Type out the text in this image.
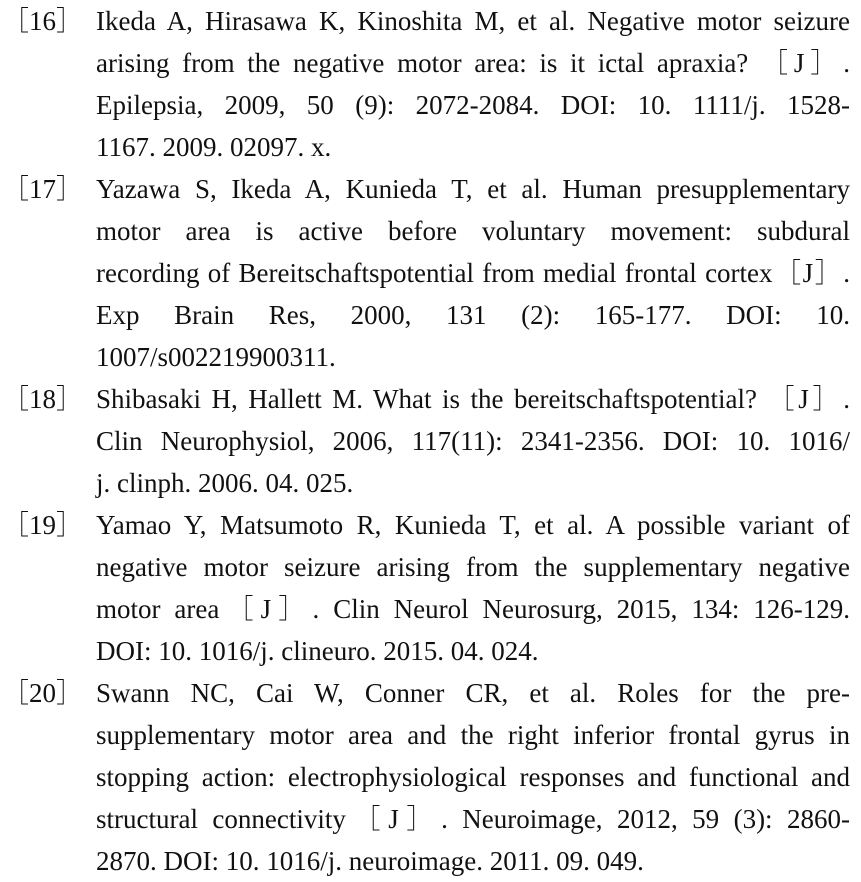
［16］ Ikeda A, Hirasawa K, Kinoshita M, et al. Negative motor seizure
arising from the negative motor area: is it ictal apraxia? ［J］.
Epilepsia, 2009, 50 (9): 2072-2084. DOI: 10. 1111/j. 1528-
1167. 2009. 02097. x.
［17］ Yazawa S, Ikeda A, Kunieda T, et al. Human presupplementary
motor area is active before voluntary movement: subdural
recording of Bereitschaftspotential from medial frontal cortex［J］.
Exp Brain Res, 2000, 131 (2): 165-177. DOI: 10.
1007/s002219900311.
［18］ Shibasaki H, Hallett M. What is the bereitschaftspotential? ［J］.
Clin Neurophysiol, 2006, 117(11): 2341-2356. DOI: 10. 1016/
j. clinph. 2006. 04. 025.
［19］ Yamao Y, Matsumoto R, Kunieda T, et al. A possible variant of
negative motor seizure arising from the supplementary negative
motor area［J］. Clin Neurol Neurosurg, 2015, 134: 126-129.
DOI: 10. 1016/j. clineuro. 2015. 04. 024.
［20］ Swann NC, Cai W, Conner CR, et al. Roles for the pre-
supplementary motor area and the right inferior frontal gyrus in
stopping action: electrophysiological responses and functional and
structural connectivity［J］. Neuroimage, 2012, 59 (3): 2860-
2870. DOI: 10. 1016/j. neuroimage. 2011. 09. 049.
